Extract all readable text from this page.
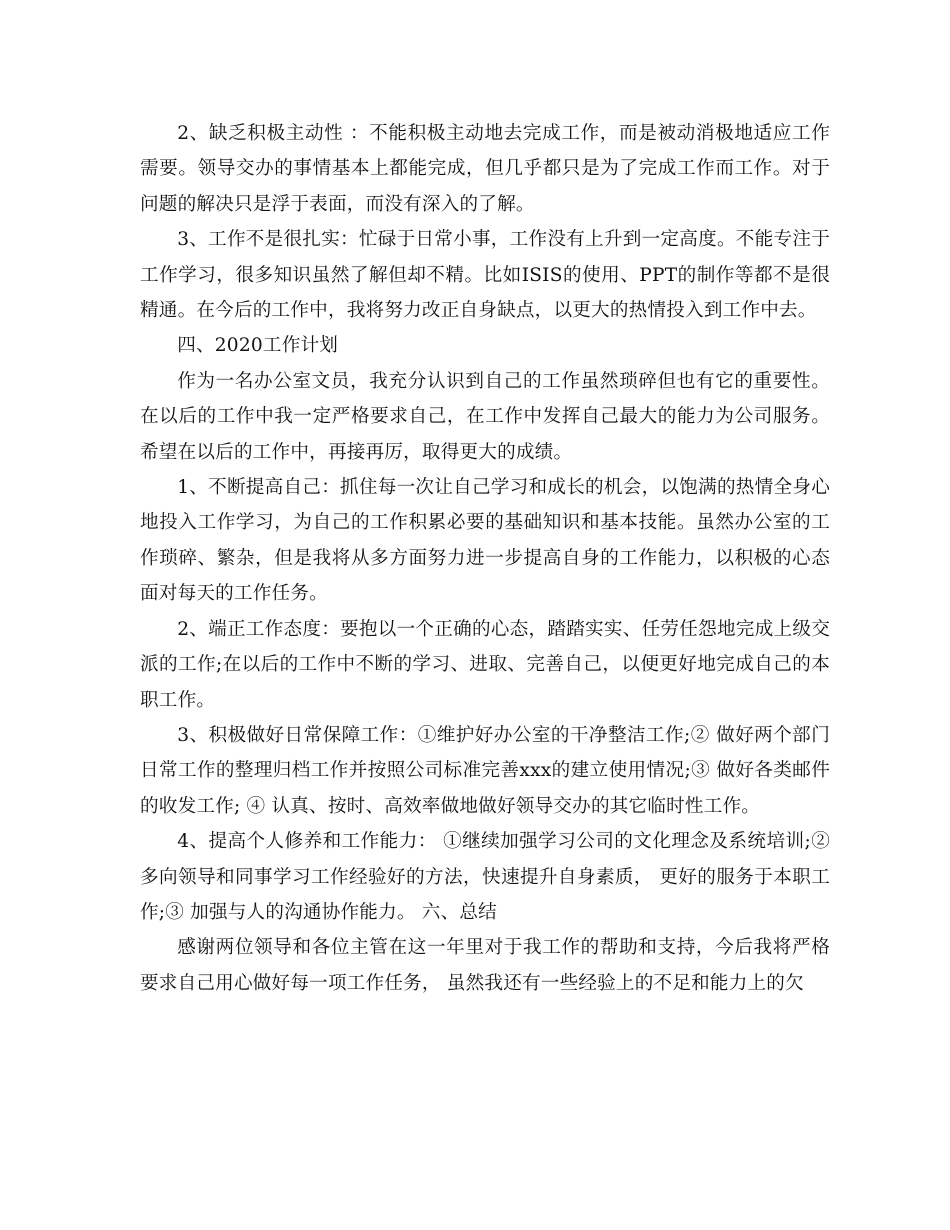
2、缺乏积极主动性 ：不能积极主动地去完成工作，而是被动消极地适应工作需要。领导交办的事情基本上都能完成，但几乎都只是为了完成工作而工作。对于问题的解决只是浮于表面，而没有深入的了解。

3、工作不是很扎实：忙碌于日常小事，工作没有上升到一定高度。不能专注于工作学习，很多知识虽然了解但却不精。比如ISIS的使用、PPT的制作等都不是很精通。在今后的工作中，我将努力改正自身缺点，以更大的热情投入到工作中去。

四、2020工作计划

作为一名办公室文员，我充分认识到自己的工作虽然琐碎但也有它的重要性。在以后的工作中我一定严格要求自己，在工作中发挥自己最大的能力为公司服务。希望在以后的工作中，再接再厉，取得更大的成绩。

1、不断提高自己：抓住每一次让自己学习和成长的机会，以饱满的热情全身心地投入工作学习，为自己的工作积累必要的基础知识和基本技能。虽然办公室的工作琐碎、繁杂，但是我将从多方面努力进一步提高自身的工作能力，以积极的心态面对每天的工作任务。

2、端正工作态度：要抱以一个正确的心态，踏踏实实、任劳任怨地完成上级交派的工作;在以后的工作中不断的学习、进取、完善自己，以便更好地完成自己的本职工作。

3、积极做好日常保障工作：①维护好办公室的干净整洁工作;② 做好两个部门日常工作的整理归档工作并按照公司标准完善xxx的建立使用情况;③ 做好各类邮件的收发工作; ④ 认真、按时、高效率做地做好领导交办的其它临时性工作。

4、提高个人修养和工作能力： ①继续加强学习公司的文化理念及系统培训;② 多向领导和同事学习工作经验好的方法，快速提升自身素质， 更好的服务于本职工作;③ 加强与人的沟通协作能力。 六、总结

感谢两位领导和各位主管在这一年里对于我工作的帮助和支持，今后我将严格要求自己用心做好每一项工作任务， 虽然我还有一些经验上的不足和能力上的欠
